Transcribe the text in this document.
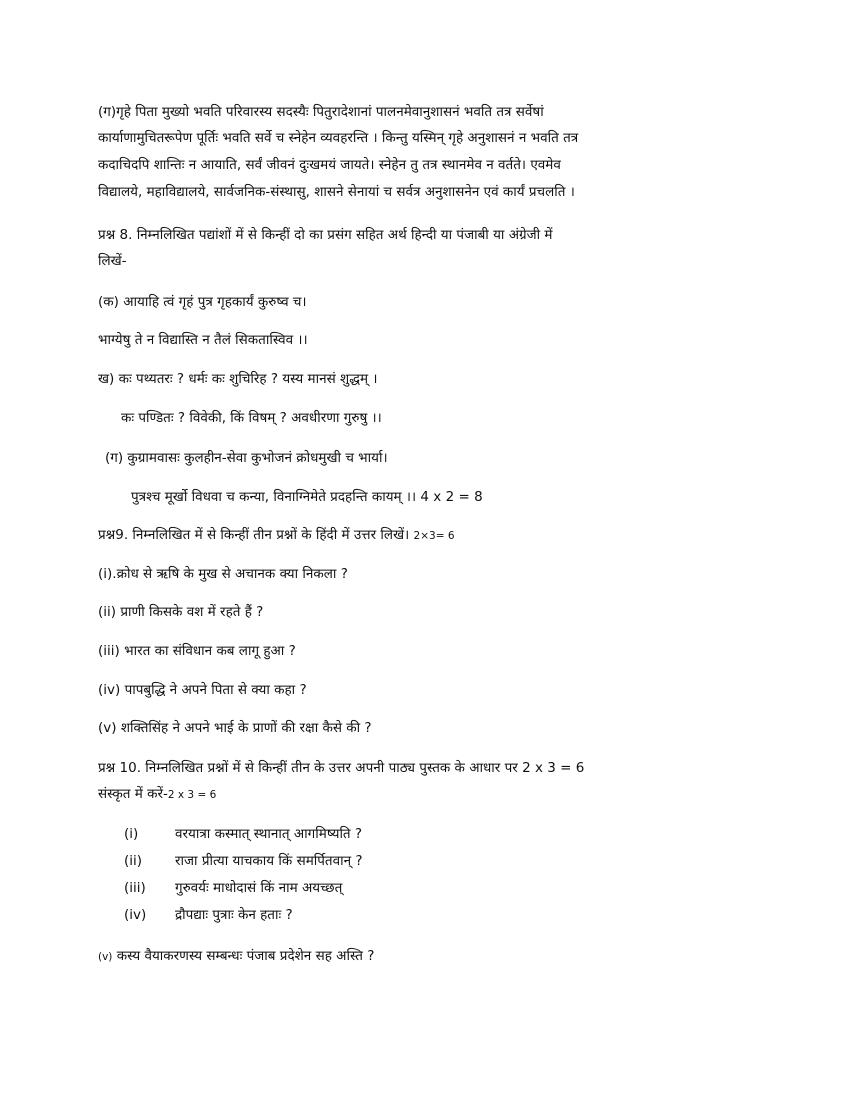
(ग)गृहे पिता मुख्यो भवति परिवारस्य सदस्यैः पितुरादेशानां पालनमेवानुशासनं भवति तत्र सर्वेषां
कार्याणामुचितरूपेण पूर्तिः भवति सर्वे च स्नेहेन व्यवहरन्ति । किन्तु यस्मिन् गृहे अनुशासनं न भवति तत्र
कदाचिदपि शान्तिः न आयाति, सर्वं जीवनं दुःखमयं जायते। स्नेहेन तु तत्र स्थानमेव न वर्तते। एवमेव
विद्यालये, महाविद्यालये, सार्वजनिक-संस्थासु, शासने सेनायां च सर्वत्र अनुशासनेन एवं कार्यं प्रचलति ।
प्रश्न 8. निम्नलिखित पद्यांशों में से किन्हीं दो का प्रसंग सहित अर्थ हिन्दी या पंजाबी या अंग्रेजी में
लिखें-
(क) आयाहि त्वं गृहं पुत्र गृहकार्यं कुरुष्व च।
भाग्येषु ते न विद्यास्ति न तैलं सिकतास्विव ।।
ख) कः पथ्यतरः ? धर्मः कः शुचिरिह ? यस्य मानसं शुद्धम् ।
कः पण्डितः ? विवेकी, किं विषम् ? अवधीरणा गुरुषु ।।
(ग) कुग्रामवासः कुलहीन-सेवा कुभोजनं क्रोधमुखी च भार्या।
पुत्रश्च मूर्खो विधवा च कन्या, विनाग्निमेते प्रदहन्ति कायम् ।। 4 x 2 = 8
प्रश्न9. निम्नलिखित में से किन्हीं तीन प्रश्नों के हिंदी में उत्तर लिखें। 2×3= 6
(i).क्रोध से ऋषि के मुख से अचानक क्या निकला ?
(ii) प्राणी किसके वश में रहते हैं ?
(iii) भारत का संविधान कब लागू हुआ ?
(iv) पापबुद्धि ने अपने पिता से क्या कहा ?
(v) शक्तिसिंह ने अपने भाई के प्राणों की रक्षा कैसे की ?
प्रश्न 10. निम्नलिखित प्रश्नों में से किन्हीं तीन के उत्तर अपनी पाठ्य पुस्तक के आधार पर 2 x 3 = 6
संस्कृत में करें-2 x 3 = 6
(i)	वरयात्रा कस्मात् स्थानात् आगमिष्यति ?
(ii) राजा प्रीत्या याचकाय किं समर्पितवान् ?
(iii) गुरुवर्यः माधोदासं किं नाम अयच्छत्
(iv) द्रौपद्याः पुत्राः केन हताः ?
(v) कस्य वैयाकरणस्य सम्बन्धः पंजाब प्रदेशेन सह अस्ति ?
